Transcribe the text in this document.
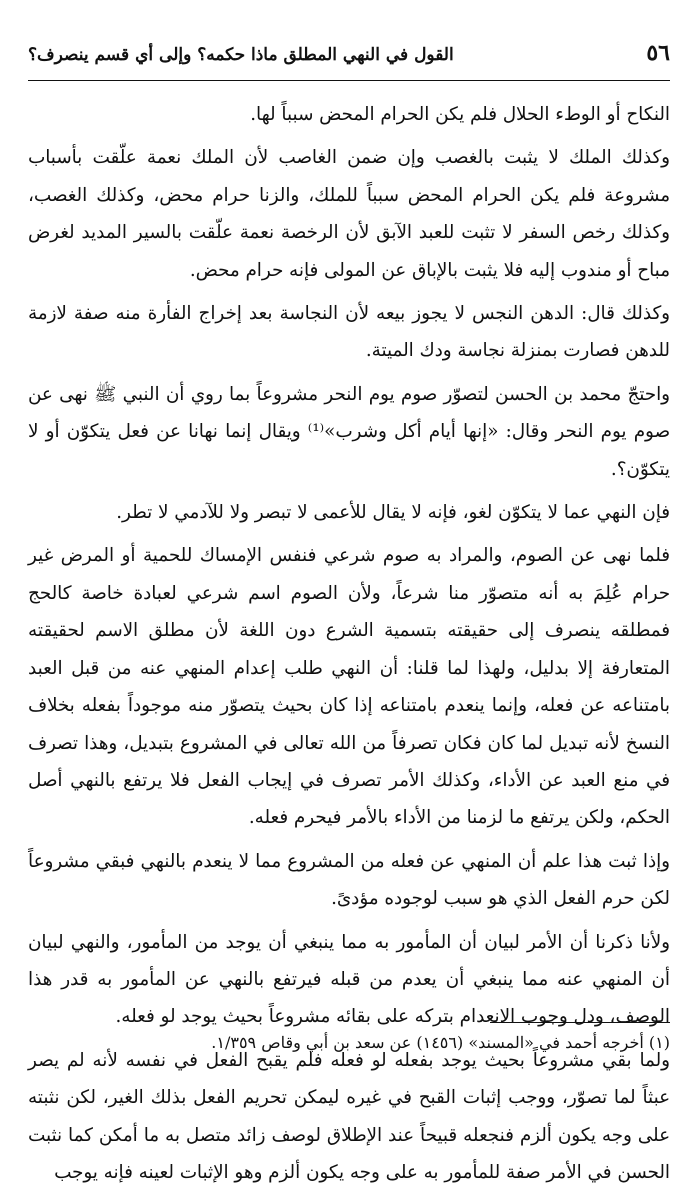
٥٦
القول في النهي المطلق ماذا حكمه؟ وإلى أي قسم ينصرف؟

النكاح أو الوطء الحلال فلم يكن الحرام المحض سبباً لها.

وكذلك الملك لا يثبت بالغصب وإن ضمن الغاصب لأن الملك نعمة علّقت بأسباب مشروعة فلم يكن الحرام المحض سبباً للملك، والزنا حرام محض، وكذلك الغصب، وكذلك رخص السفر لا تثبت للعبد الآبق لأن الرخصة نعمة علّقت بالسير المديد لغرض مباح أو مندوب إليه فلا يثبت بالإباق عن المولى فإنه حرام محض.

وكذلك قال: الدهن النجس لا يجوز بيعه لأن النجاسة بعد إخراج الفأرة منه صفة لازمة للدهن فصارت بمنزلة نجاسة ودك الميتة.

واحتجّ محمد بن الحسن لتصوّر صوم يوم النحر مشروعاً بما روي أن النبي ﷺ نهى عن صوم يوم النحر وقال: «إنها أيام أكل وشرب»⁽¹⁾ ويقال إنما نهانا عن فعل يتكوّن أو لا يتكوّن؟.

فإن النهي عما لا يتكوّن لغو، فإنه لا يقال للأعمى لا تبصر ولا للآدمي لا تطر.

فلما نهى عن الصوم، والمراد به صوم شرعي فنفس الإمساك للحمية أو المرض غير حرام عُلِمَ به أنه متصوّر منا شرعاً، ولأن الصوم اسم شرعي لعبادة خاصة كالحج فمطلقه ينصرف إلى حقيقته بتسمية الشرع دون اللغة لأن مطلق الاسم لحقيقته المتعارفة إلا بدليل، ولهذا لما قلنا: أن النهي طلب إعدام المنهي عنه من قبل العبد بامتناعه عن فعله، وإنما ينعدم بامتناعه إذا كان بحيث يتصوّر منه موجوداً بفعله بخلاف النسخ لأنه تبديل لما كان فكان تصرفاً من الله تعالى في المشروع بتبديل، وهذا تصرف في منع العبد عن الأداء، وكذلك الأمر تصرف في إيجاب الفعل فلا يرتفع بالنهي أصل الحكم، ولكن يرتفع ما لزمنا من الأداء بالأمر فيحرم فعله.

وإذا ثبت هذا علم أن المنهي عن فعله من المشروع مما لا ينعدم بالنهي فبقي مشروعاً لكن حرم الفعل الذي هو سبب لوجوده مؤدىً.

ولأنا ذكرنا أن الأمر لبيان أن المأمور به مما ينبغي أن يوجد من المأمور، والنهي لبيان أن المنهي عنه مما ينبغي أن يعدم من قبله فيرتفع بالنهي عن المأمور به قدر هذا الوصف، ودل وجوب الانعدام بتركه على بقائه مشروعاً بحيث يوجد لو فعله.

ولما بقي مشروعاً بحيث يوجد بفعله لو فعله فلم يقبح الفعل في نفسه لأنه لم يصر عبثاً لما تصوّر، ووجب إثبات القبح في غيره ليمكن تحريم الفعل بذلك الغير، لكن نثبته على وجه يكون ألزم فنجعله قبيحاً عند الإطلاق لوصف زائد متصل به ما أمكن كما نثبت الحسن في الأمر صفة للمأمور به على وجه يكون ألزم وهو الإثبات لعينه فإنه يوجب

(١) أخرجه أحمد في «المسند» (١٤٥٦) عن سعد بن أبي وقاص ١/٣٥٩.
